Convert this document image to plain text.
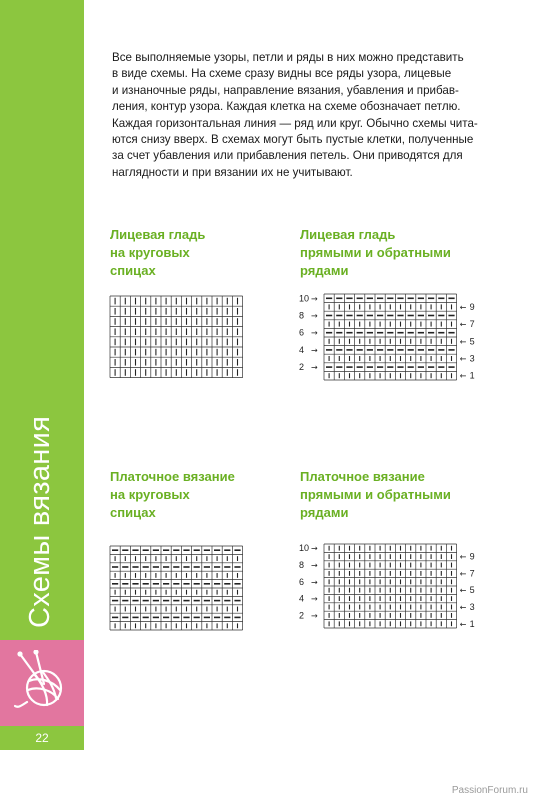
Схемы вязания
22
Все выполняемые узоры, петли и ряды в них можно представить
в виде схемы. На схеме сразу видны все ряды узора, лицевые
и изнаночные ряды, направление вязания, убавления и прибав-
ления, контур узора. Каждая клетка на схеме обозначает петлю.
Каждая горизонтальная линия — ряд или круг. Обычно схемы чита-
ются снизу вверх. В схемах могут быть пустые клетки, полученные
за счет убавления или прибавления петель. Они приводятся для
наглядности и при вязании их не учитывают.
Лицевая гладь
на круговых
спицах
Лицевая гладь
прямыми и обратными
рядами
10 →
8 →
6 →
4 →
2 →
← 9
← 7
← 5
← 3
← 1
Платочное вязание
на круговых
спицах
Платочное вязание
прямыми и обратными
рядами
10 →
8 →
6 →
4 →
2 →
← 9
← 7
← 5
← 3
← 1
PassionForum.ru
